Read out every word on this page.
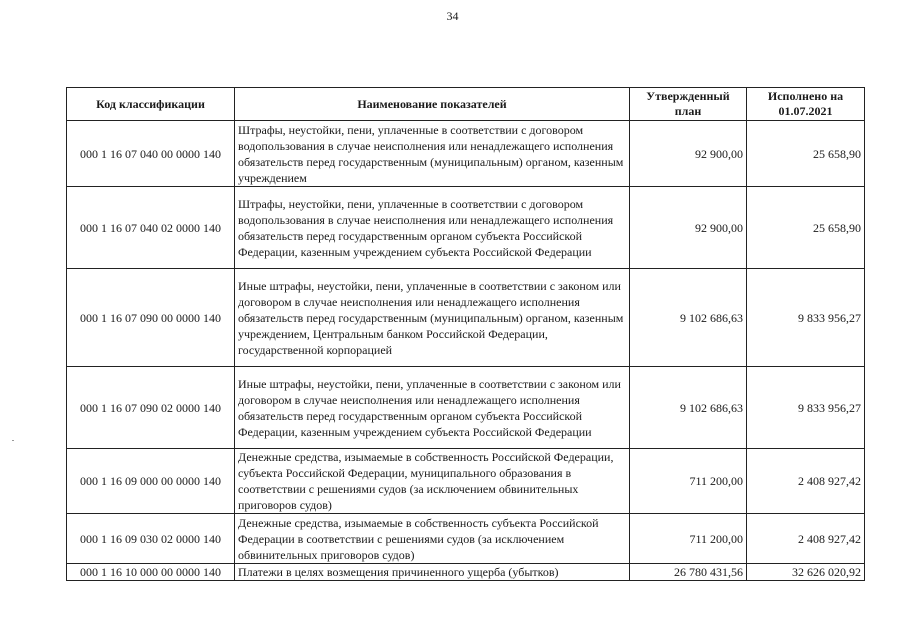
34
Код классификации	Наименование показателей	Утвержденный план	Исполнено на 01.07.2021
000 1 16 07 040 00 0000 140	Штрафы, неустойки, пени, уплаченные в соответствии с договором водопользования в случае неисполнения или ненадлежащего исполнения обязательств перед государственным (муниципальным) органом, казенным учреждением	92 900,00	25 658,90
000 1 16 07 040 02 0000 140	Штрафы, неустойки, пени, уплаченные в соответствии с договором водопользования в случае неисполнения или ненадлежащего исполнения обязательств перед государственным органом субъекта Российской Федерации, казенным учреждением субъекта Российской Федерации	92 900,00	25 658,90
000 1 16 07 090 00 0000 140	Иные штрафы, неустойки, пени, уплаченные в соответствии с законом или договором в случае неисполнения или ненадлежащего исполнения обязательств перед государственным (муниципальным) органом, казенным учреждением, Центральным банком Российской Федерации, государственной корпорацией	9 102 686,63	9 833 956,27
000 1 16 07 090 02 0000 140	Иные штрафы, неустойки, пени, уплаченные в соответствии с законом или договором в случае неисполнения или ненадлежащего исполнения обязательств перед государственным органом субъекта Российской Федерации, казенным учреждением субъекта Российской Федерации	9 102 686,63	9 833 956,27
000 1 16 09 000 00 0000 140	Денежные средства, изымаемые в собственность Российской Федерации, субъекта Российской Федерации, муниципального образования в соответствии с решениями судов (за исключением обвинительных приговоров судов)	711 200,00	2 408 927,42
000 1 16 09 030 02 0000 140	Денежные средства, изымаемые в собственность субъекта Российской Федерации в соответствии с решениями судов (за исключением обвинительных приговоров судов)	711 200,00	2 408 927,42
000 1 16 10 000 00 0000 140	Платежи в целях возмещения причиненного ущерба (убытков)	26 780 431,56	32 626 020,92
